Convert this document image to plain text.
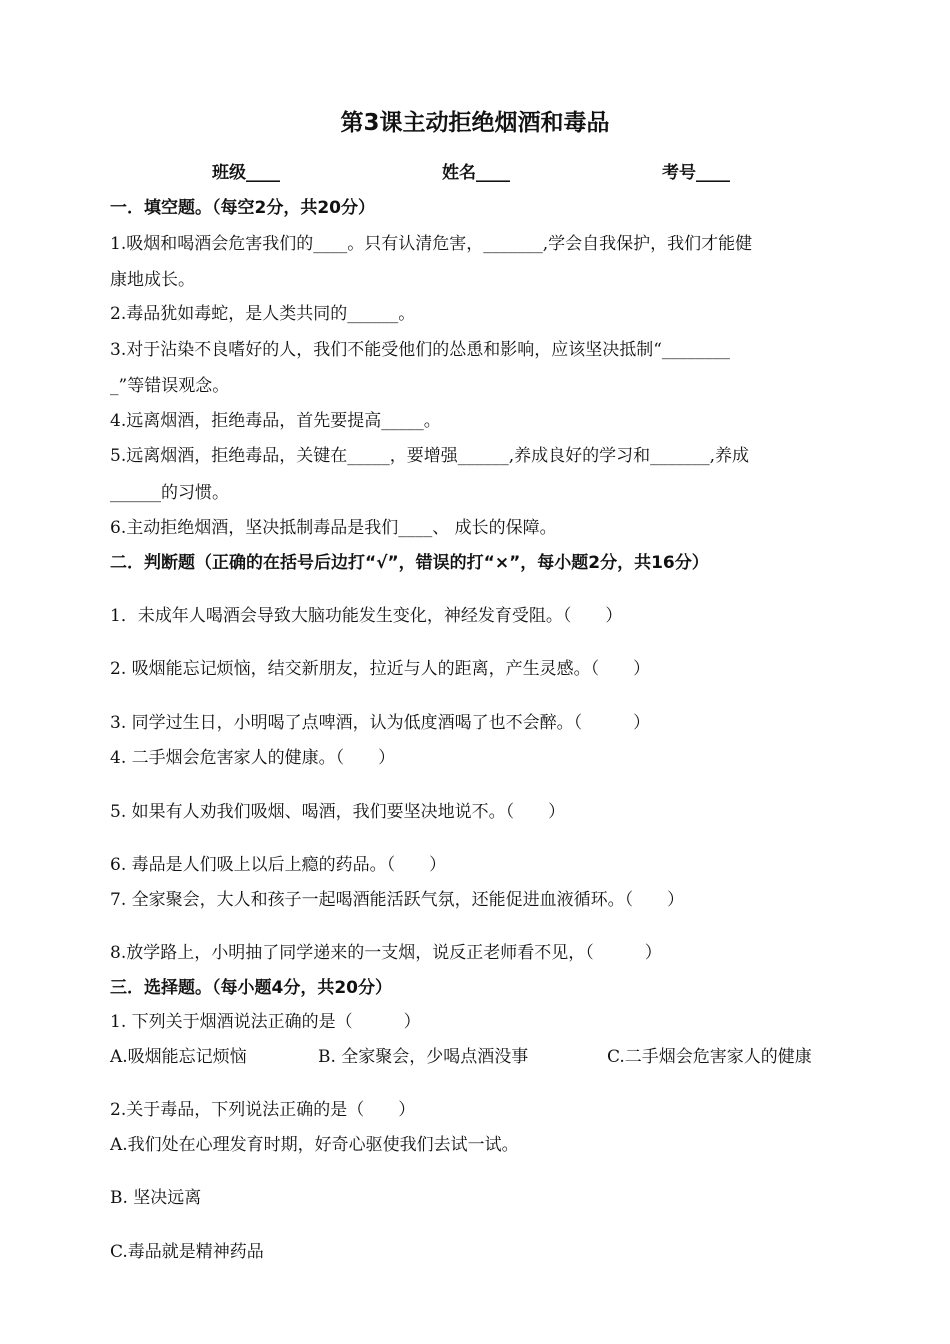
第3课主动拒绝烟酒和毒品
班级____	姓名____	考号____
一．填空题。（每空2分，共20分）
1.吸烟和喝酒会危害我们的____。只有认清危害，_______,学会自我保护，我们才能健
康地成长。
2.毒品犹如毒蛇，是人类共同的______。
3.对于沾染不良嗜好的人，我们不能受他们的怂恿和影响，应该坚决抵制“________
_”等错误观念。
4.远离烟酒，拒绝毒品，首先要提高_____。
5.远离烟酒，拒绝毒品，关键在_____，要增强______,养成良好的学习和_______,养成
______的习惯。
6.主动拒绝烟酒，坚决抵制毒品是我们____、 成长的保障。
二．判断题（正确的在括号后边打“√”，错误的打“×”，每小题2分，共16分）
1．未成年人喝酒会导致大脑功能发生变化，神经发育受阻。（　　）
2. 吸烟能忘记烦恼，结交新朋友，拉近与人的距离，产生灵感。（　　）
3. 同学过生日，小明喝了点啤酒，认为低度酒喝了也不会醉。（　　　）
4. 二手烟会危害家人的健康。（　　）
5. 如果有人劝我们吸烟、喝酒，我们要坚决地说不。（　　）
6. 毒品是人们吸上以后上瘾的药品。（　　）
7. 全家聚会，大人和孩子一起喝酒能活跃气氛，还能促进血液循环。（　　）
8.放学路上，小明抽了同学递来的一支烟，说反正老师看不见，（　　　）
三．选择题。（每小题4分，共20分）
1. 下列关于烟酒说法正确的是（　　　）
A.吸烟能忘记烦恼	B. 全家聚会，少喝点酒没事	C.二手烟会危害家人的健康
2.关于毒品，下列说法正确的是（　　）
A.我们处在心理发育时期，好奇心驱使我们去试一试。
B. 坚决远离
C.毒品就是精神药品
